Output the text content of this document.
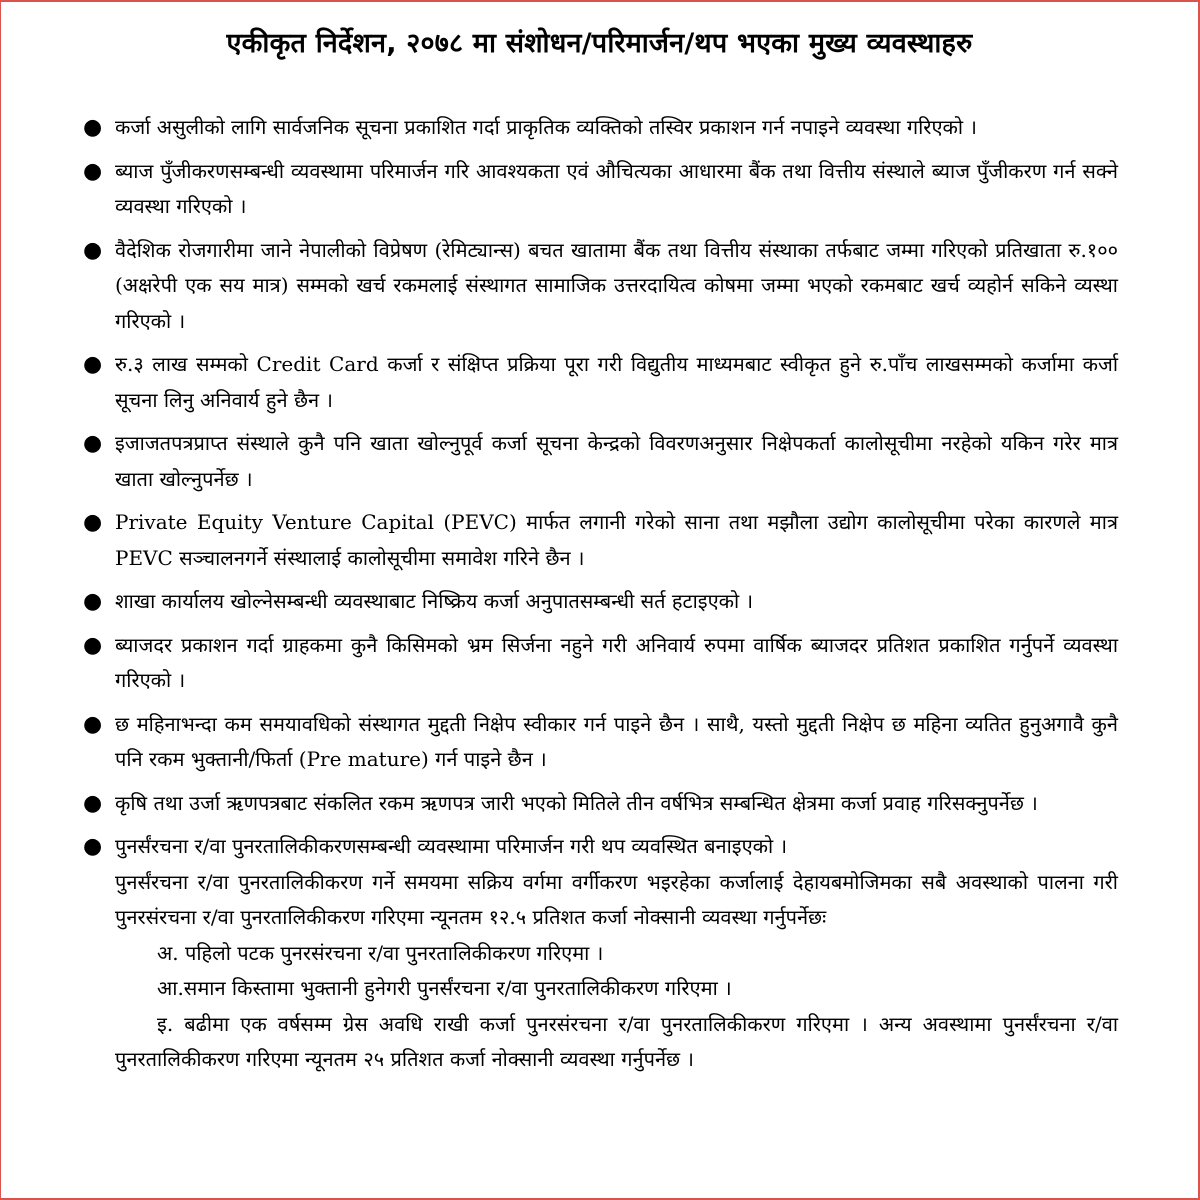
एकीकृत निर्देशन, २०७८ मा संशोधन/परिमार्जन/थप भएका मुख्य व्यवस्थाहरु
● कर्जा असुलीको लागि सार्वजनिक सूचना प्रकाशित गर्दा प्राकृतिक व्यक्तिको तस्विर प्रकाशन गर्न नपाइने व्यवस्था गरिएको ।
● ब्याज पुँजीकरणसम्बन्धी व्यवस्थामा परिमार्जन गरि आवश्यकता एवं औचित्यका आधारमा बैंक तथा वित्तीय संस्थाले ब्याज पुँजीकरण गर्न सक्ने व्यवस्था गरिएको ।
● वैदेशिक रोजगारीमा जाने नेपालीको विप्रेषण (रेमिट्यान्स) बचत खातामा बैंक तथा वित्तीय संस्थाका तर्फबाट जम्मा गरिएको प्रतिखाता रु.१०० (अक्षरेपी एक सय मात्र) सम्मको खर्च रकमलाई संस्थागत सामाजिक उत्तरदायित्व कोषमा जम्मा भएको रकमबाट खर्च व्यहोर्न सकिने व्यस्था गरिएको ।
● रु.३ लाख सम्मको Credit Card कर्जा र संक्षिप्त प्रक्रिया पूरा गरी विद्युतीय माध्यमबाट स्वीकृत हुने रु.पाँच लाखसम्मको कर्जामा कर्जा सूचना लिनु अनिवार्य हुने छैन ।
● इजाजतपत्रप्राप्त संस्थाले कुनै पनि खाता खोल्नुपूर्व कर्जा सूचना केन्द्रको विवरणअनुसार निक्षेपकर्ता कालोसूचीमा नरहेको यकिन गरेर मात्र खाता खोल्नुपर्नेछ ।
● Private Equity Venture Capital (PEVC) मार्फत लगानी गरेको साना तथा मझौला उद्योग कालोसूचीमा परेका कारणले मात्र PEVC सञ्चालनगर्ने संस्थालाई कालोसूचीमा समावेश गरिने छैन ।
● शाखा कार्यालय खोल्नेसम्बन्धी व्यवस्थाबाट निष्क्रिय कर्जा अनुपातसम्बन्धी सर्त हटाइएको ।
● ब्याजदर प्रकाशन गर्दा ग्राहकमा कुनै किसिमको भ्रम सिर्जना नहुने गरी अनिवार्य रुपमा वार्षिक ब्याजदर प्रतिशत प्रकाशित गर्नुपर्ने व्यवस्था गरिएको ।
● छ महिनाभन्दा कम समयावधिको संस्थागत मुद्दती निक्षेप स्वीकार गर्न पाइने छैन । साथै, यस्तो मुद्दती निक्षेप छ महिना व्यतित हुनुअगावै कुनै पनि रकम भुक्तानी/फिर्ता (Pre mature) गर्न पाइने छैन ।
● कृषि तथा उर्जा ऋणपत्रबाट संकलित रकम ऋणपत्र जारी भएको मितिले तीन वर्षभित्र सम्बन्धित क्षेत्रमा कर्जा प्रवाह गरिसक्नुपर्नेछ ।
● पुनर्संरचना र/वा पुनरतालिकीकरणसम्बन्धी व्यवस्थामा परिमार्जन गरी थप व्यवस्थित बनाइएको ।
पुनर्संरचना र/वा पुनरतालिकीकरण गर्ने समयमा सक्रिय वर्गमा वर्गीकरण भइरहेका कर्जालाई देहायबमोजिमका सबै अवस्थाको पालना गरी पुनरसंरचना र/वा पुनरतालिकीकरण गरिएमा न्यूनतम १२.५ प्रतिशत कर्जा नोक्सानी व्यवस्था गर्नुपर्नेछः
अ. पहिलो पटक पुनरसंरचना र/वा पुनरतालिकीकरण गरिएमा ।
आ.समान किस्तामा भुक्तानी हुनेगरी पुनर्संरचना र/वा पुनरतालिकीकरण गरिएमा ।
इ. बढीमा एक वर्षसम्म ग्रेस अवधि राखी कर्जा पुनरसंरचना र/वा पुनरतालिकीकरण गरिएमा । अन्य अवस्थामा पुनर्संरचना र/वा पुनरतालिकीकरण गरिएमा न्यूनतम २५ प्रतिशत कर्जा नोक्सानी व्यवस्था गर्नुपर्नेछ ।
